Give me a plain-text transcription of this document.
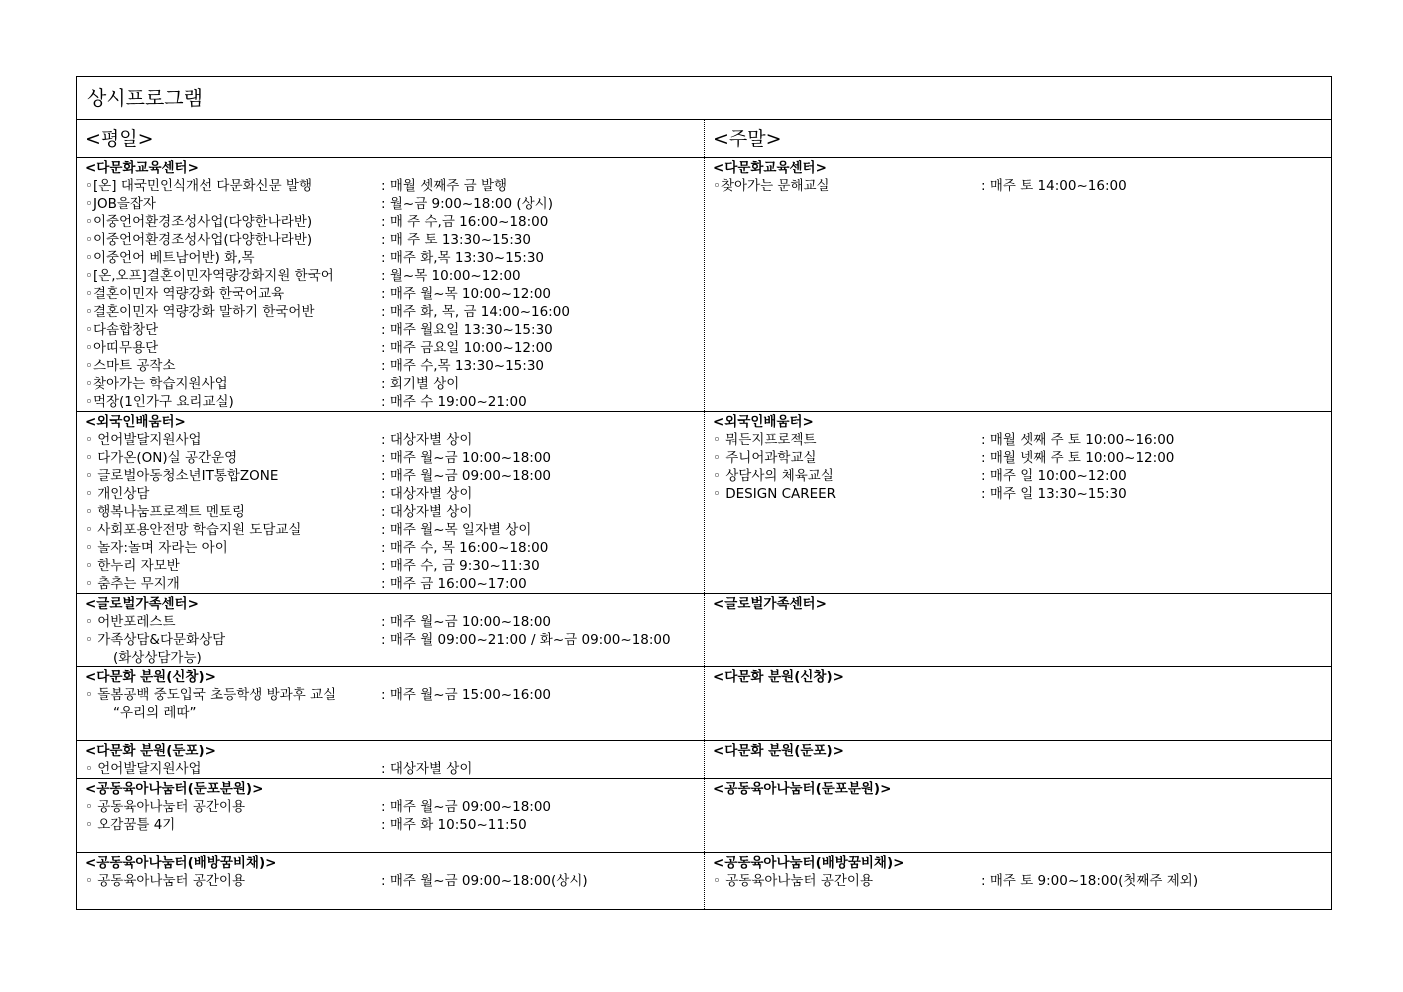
상시프로그램
<평일>	<주말>
<다문화교육센터>
◦[온] 대국민인식개선 다문화신문 발행	: 매월 셋째주 금 발행
◦JOB을잡자	: 월~금 9:00~18:00 (상시)
◦이중언어환경조성사업(다양한나라반)	: 매 주 수,금 16:00~18:00
◦이중언어환경조성사업(다양한나라반)	: 매 주 토 13:30~15:30
◦이중언어 베트남어반) 화,목	: 매주 화,목 13:30~15:30
◦[온,오프]결혼이민자역량강화지원 한국어	: 월~목 10:00~12:00
◦결혼이민자 역량강화 한국어교육	: 매주 월~목 10:00~12:00
◦결혼이민자 역량강화 말하기 한국어반	: 매주 화, 목, 금 14:00~16:00
◦다솜합창단	: 매주 월요일 13:30~15:30
◦아띠무용단	: 매주 금요일 10:00~12:00
◦스마트 공작소	: 매주 수,목 13:30~15:30
◦찾아가는 학습지원사업	: 회기별 상이
◦먹장(1인가구 요리교실)	: 매주 수 19:00~21:00
<다문화교육센터>
◦찾아가는 문해교실	: 매주 토 14:00~16:00
<외국인배움터>
◦ 언어발달지원사업	: 대상자별 상이
◦ 다가온(ON)실 공간운영	: 매주 월~금 10:00~18:00
◦ 글로벌아동청소년IT통합ZONE	: 매주 월~금 09:00~18:00
◦ 개인상담	: 대상자별 상이
◦ 행복나눔프로젝트 멘토링	: 대상자별 상이
◦ 사회포용안전망 학습지원 도담교실	: 매주 월~목 일자별 상이
◦ 놀자:놀며 자라는 아이	: 매주 수, 목 16:00~18:00
◦ 한누리 자모반	: 매주 수, 금 9:30~11:30
◦ 춤추는 무지개	: 매주 금 16:00~17:00
<외국인배움터>
◦ 뭐든지프로젝트	: 매월 셋째 주 토 10:00~16:00
◦ 주니어과학교실	: 매월 넷째 주 토 10:00~12:00
◦ 상담사의 체육교실	: 매주 일 10:00~12:00
◦ DESIGN CAREER	: 매주 일 13:30~15:30
<글로벌가족센터>
◦ 어반포레스트	: 매주 월~금 10:00~18:00
◦ 가족상담&다문화상담	: 매주 월 09:00~21:00 / 화~금 09:00~18:00
(화상상담가능)
<글로벌가족센터>
<다문화 분원(신창)>
◦ 돌봄공백 중도입국 초등학생 방과후 교실	: 매주 월~금 15:00~16:00
“우리의 레따”
<다문화 분원(신창)>
<다문화 분원(둔포)>
◦ 언어발달지원사업	: 대상자별 상이
<다문화 분원(둔포)>
<공동육아나눔터(둔포분원)>
◦ 공동육아나눔터 공간이용	: 매주 월~금 09:00~18:00
◦ 오감꿈틀 4기	: 매주 화 10:50~11:50
<공동육아나눔터(둔포분원)>
<공동육아나눔터(배방꿈비채)>
◦ 공동육아나눔터 공간이용	: 매주 월~금 09:00~18:00(상시)
<공동육아나눔터(배방꿈비채)>
◦ 공동육아나눔터 공간이용	: 매주 토 9:00~18:00(첫째주 제외)
